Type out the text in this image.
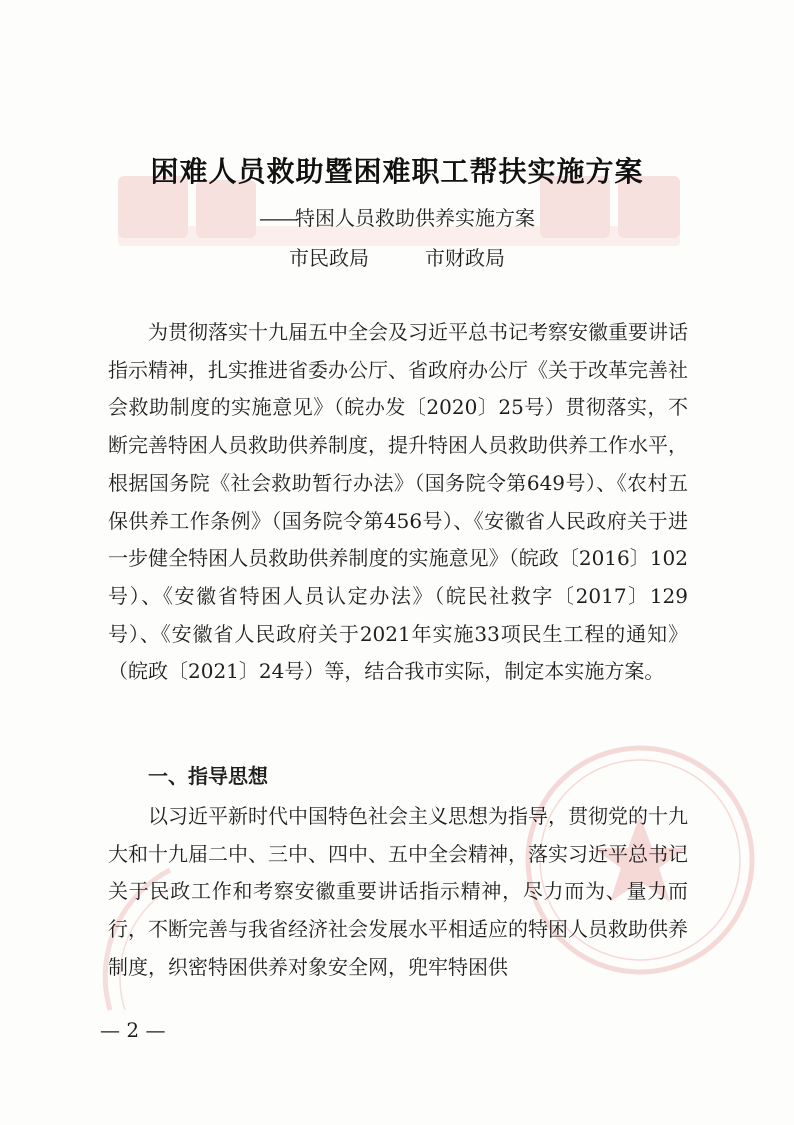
困难人员救助暨困难职工帮扶实施方案
——特困人员救助供养实施方案
市民政局	市财政局

为贯彻落实十九届五中全会及习近平总书记考察安徽重要讲话指示精神，扎实推进省委办公厅、省政府办公厅《关于改革完善社会救助制度的实施意见》（皖办发〔2020〕25号）贯彻落实，不断完善特困人员救助供养制度，提升特困人员救助供养工作水平，根据国务院《社会救助暂行办法》（国务院令第649号）、《农村五保供养工作条例》（国务院令第456号）、《安徽省人民政府关于进一步健全特困人员救助供养制度的实施意见》（皖政〔2016〕102号）、《安徽省特困人员认定办法》（皖民社救字〔2017〕129号）、《安徽省人民政府关于2021年实施33项民生工程的通知》（皖政〔2021〕24号）等，结合我市实际，制定本实施方案。

一、指导思想

以习近平新时代中国特色社会主义思想为指导，贯彻党的十九大和十九届二中、三中、四中、五中全会精神，落实习近平总书记关于民政工作和考察安徽重要讲话指示精神，尽力而为、量力而行，不断完善与我省经济社会发展水平相适应的特困人员救助供养制度，织密特困供养对象安全网，兜牢特困供

— 2 —
